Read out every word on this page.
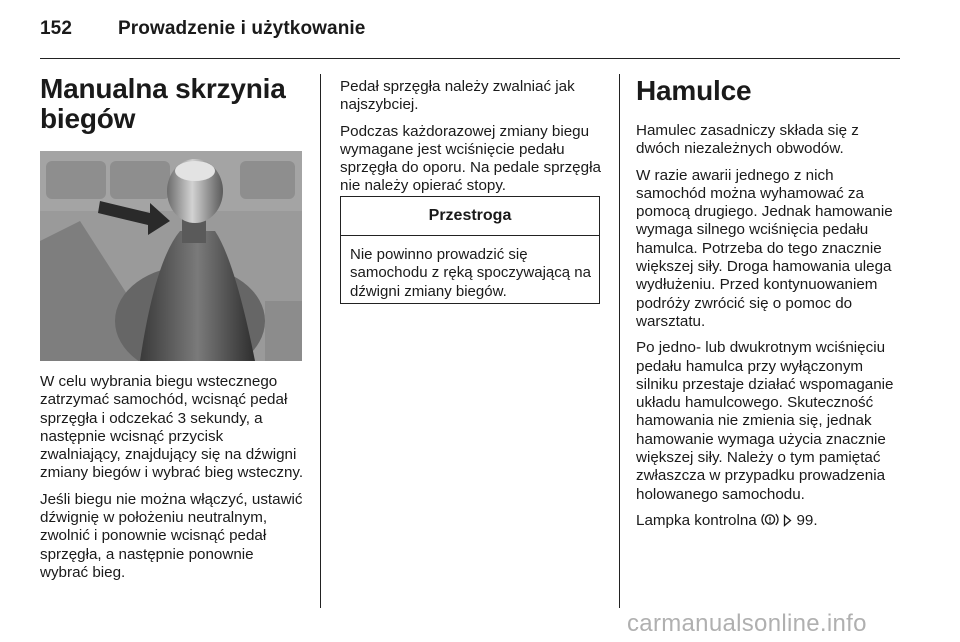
152 Prowadzenie i użytkowanie
Manualna skrzynia
biegów

W celu wybrania biegu wstecznego zatrzymać samochód, wcisnąć pedał sprzęgła i odczekać 3 sekundy, a następnie wcisnąć przycisk zwalniający, znajdujący się na dźwigni zmiany biegów i wybrać bieg wsteczny.

Jeśli biegu nie można włączyć, ustawić dźwignię w położeniu neutralnym, zwolnić i ponownie wcisnąć pedał sprzęgła, a następnie ponownie wybrać bieg.

Pedał sprzęgła należy zwalniać jak najszybciej.

Podczas każdorazowej zmiany biegu wymagane jest wciśnięcie pedału sprzęgła do oporu. Na pedale sprzęgła nie należy opierać stopy.

Przestroga
Nie powinno prowadzić się samochodu z ręką spoczywającą na dźwigni zmiany biegów.
Hamulce

Hamulec zasadniczy składa się z dwóch niezależnych obwodów.

W razie awarii jednego z nich samochód można wyhamować za pomocą drugiego. Jednak hamowanie wymaga silnego wciśnięcia pedału hamulca. Potrzeba do tego znacznie większej siły. Droga hamowania ulega wydłużeniu. Przed kontynuowaniem podróży zwrócić się o pomoc do warsztatu.

Po jedno- lub dwukrotnym wciśnięciu pedału hamulca przy wyłączonym silniku przestaje działać wspomaganie układu hamulcowego. Skuteczność hamowania nie zmienia się, jednak hamowanie wymaga użycia znacznie większej siły. Należy o tym pamiętać zwłaszcza w przypadku prowadzenia holowanego samochodu.

Lampka kontrolna	99.

carmanualsonline.info
